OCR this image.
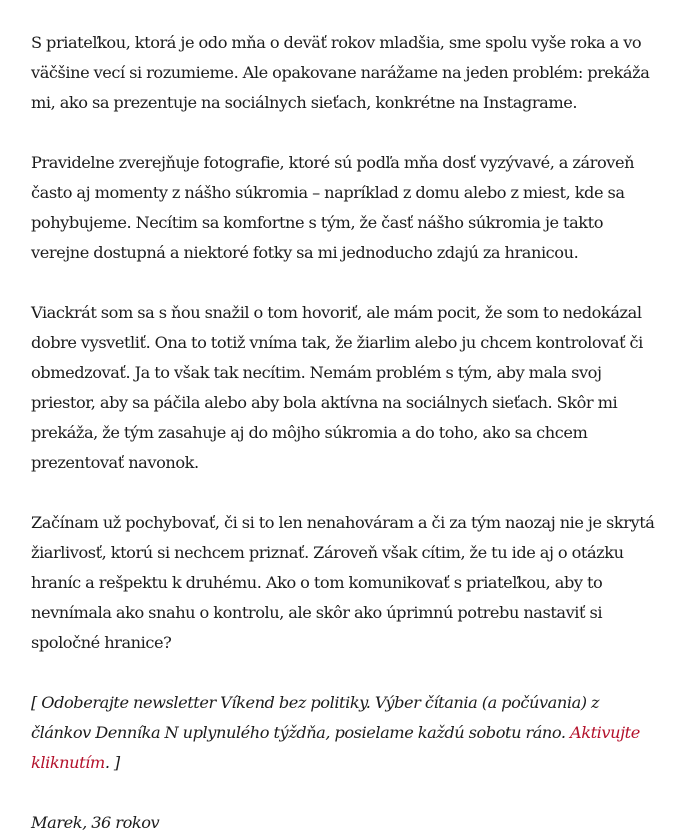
S priateľkou, ktorá je odo mňa o deväť rokov mladšia, sme spolu vyše roka a vo väčšine vecí si rozumieme. Ale opakovane narážame na jeden problém: prekáža mi, ako sa prezentuje na sociálnych sieťach, konkrétne na Instagrame.

Pravidelne zverejňuje fotografie, ktoré sú podľa mňa dosť vyzývavé, a zároveň často aj momenty z nášho súkromia – napríklad z domu alebo z miest, kde sa pohybujeme. Necítim sa komfortne s tým, že časť nášho súkromia je takto verejne dostupná a niektoré fotky sa mi jednoducho zdajú za hranicou.

Viackrát som sa s ňou snažil o tom hovoriť, ale mám pocit, že som to nedokázal dobre vysvetliť. Ona to totiž vníma tak, že žiarlim alebo ju chcem kontrolovať či obmedzovať. Ja to však tak necítim. Nemám problém s tým, aby mala svoj priestor, aby sa páčila alebo aby bola aktívna na sociálnych sieťach. Skôr mi prekáža, že tým zasahuje aj do môjho súkromia a do toho, ako sa chcem prezentovať navonok.

Začínam už pochybovať, či si to len nenahováram a či za tým naozaj nie je skrytá žiarlivosť, ktorú si nechcem priznať. Zároveň však cítim, že tu ide aj o otázku hraníc a rešpektu k druhému. Ako o tom komunikovať s priateľkou, aby to nevnímala ako snahu o kontrolu, ale skôr ako úprimnú potrebu nastaviť si spoločné hranice?

[ Odoberajte newsletter Víkend bez politiky. Výber čítania (a počúvania) z článkov Denníka N uplynulého týždňa, posielame každú sobotu ráno. Aktivujte kliknutím. ]

Marek, 36 rokov
